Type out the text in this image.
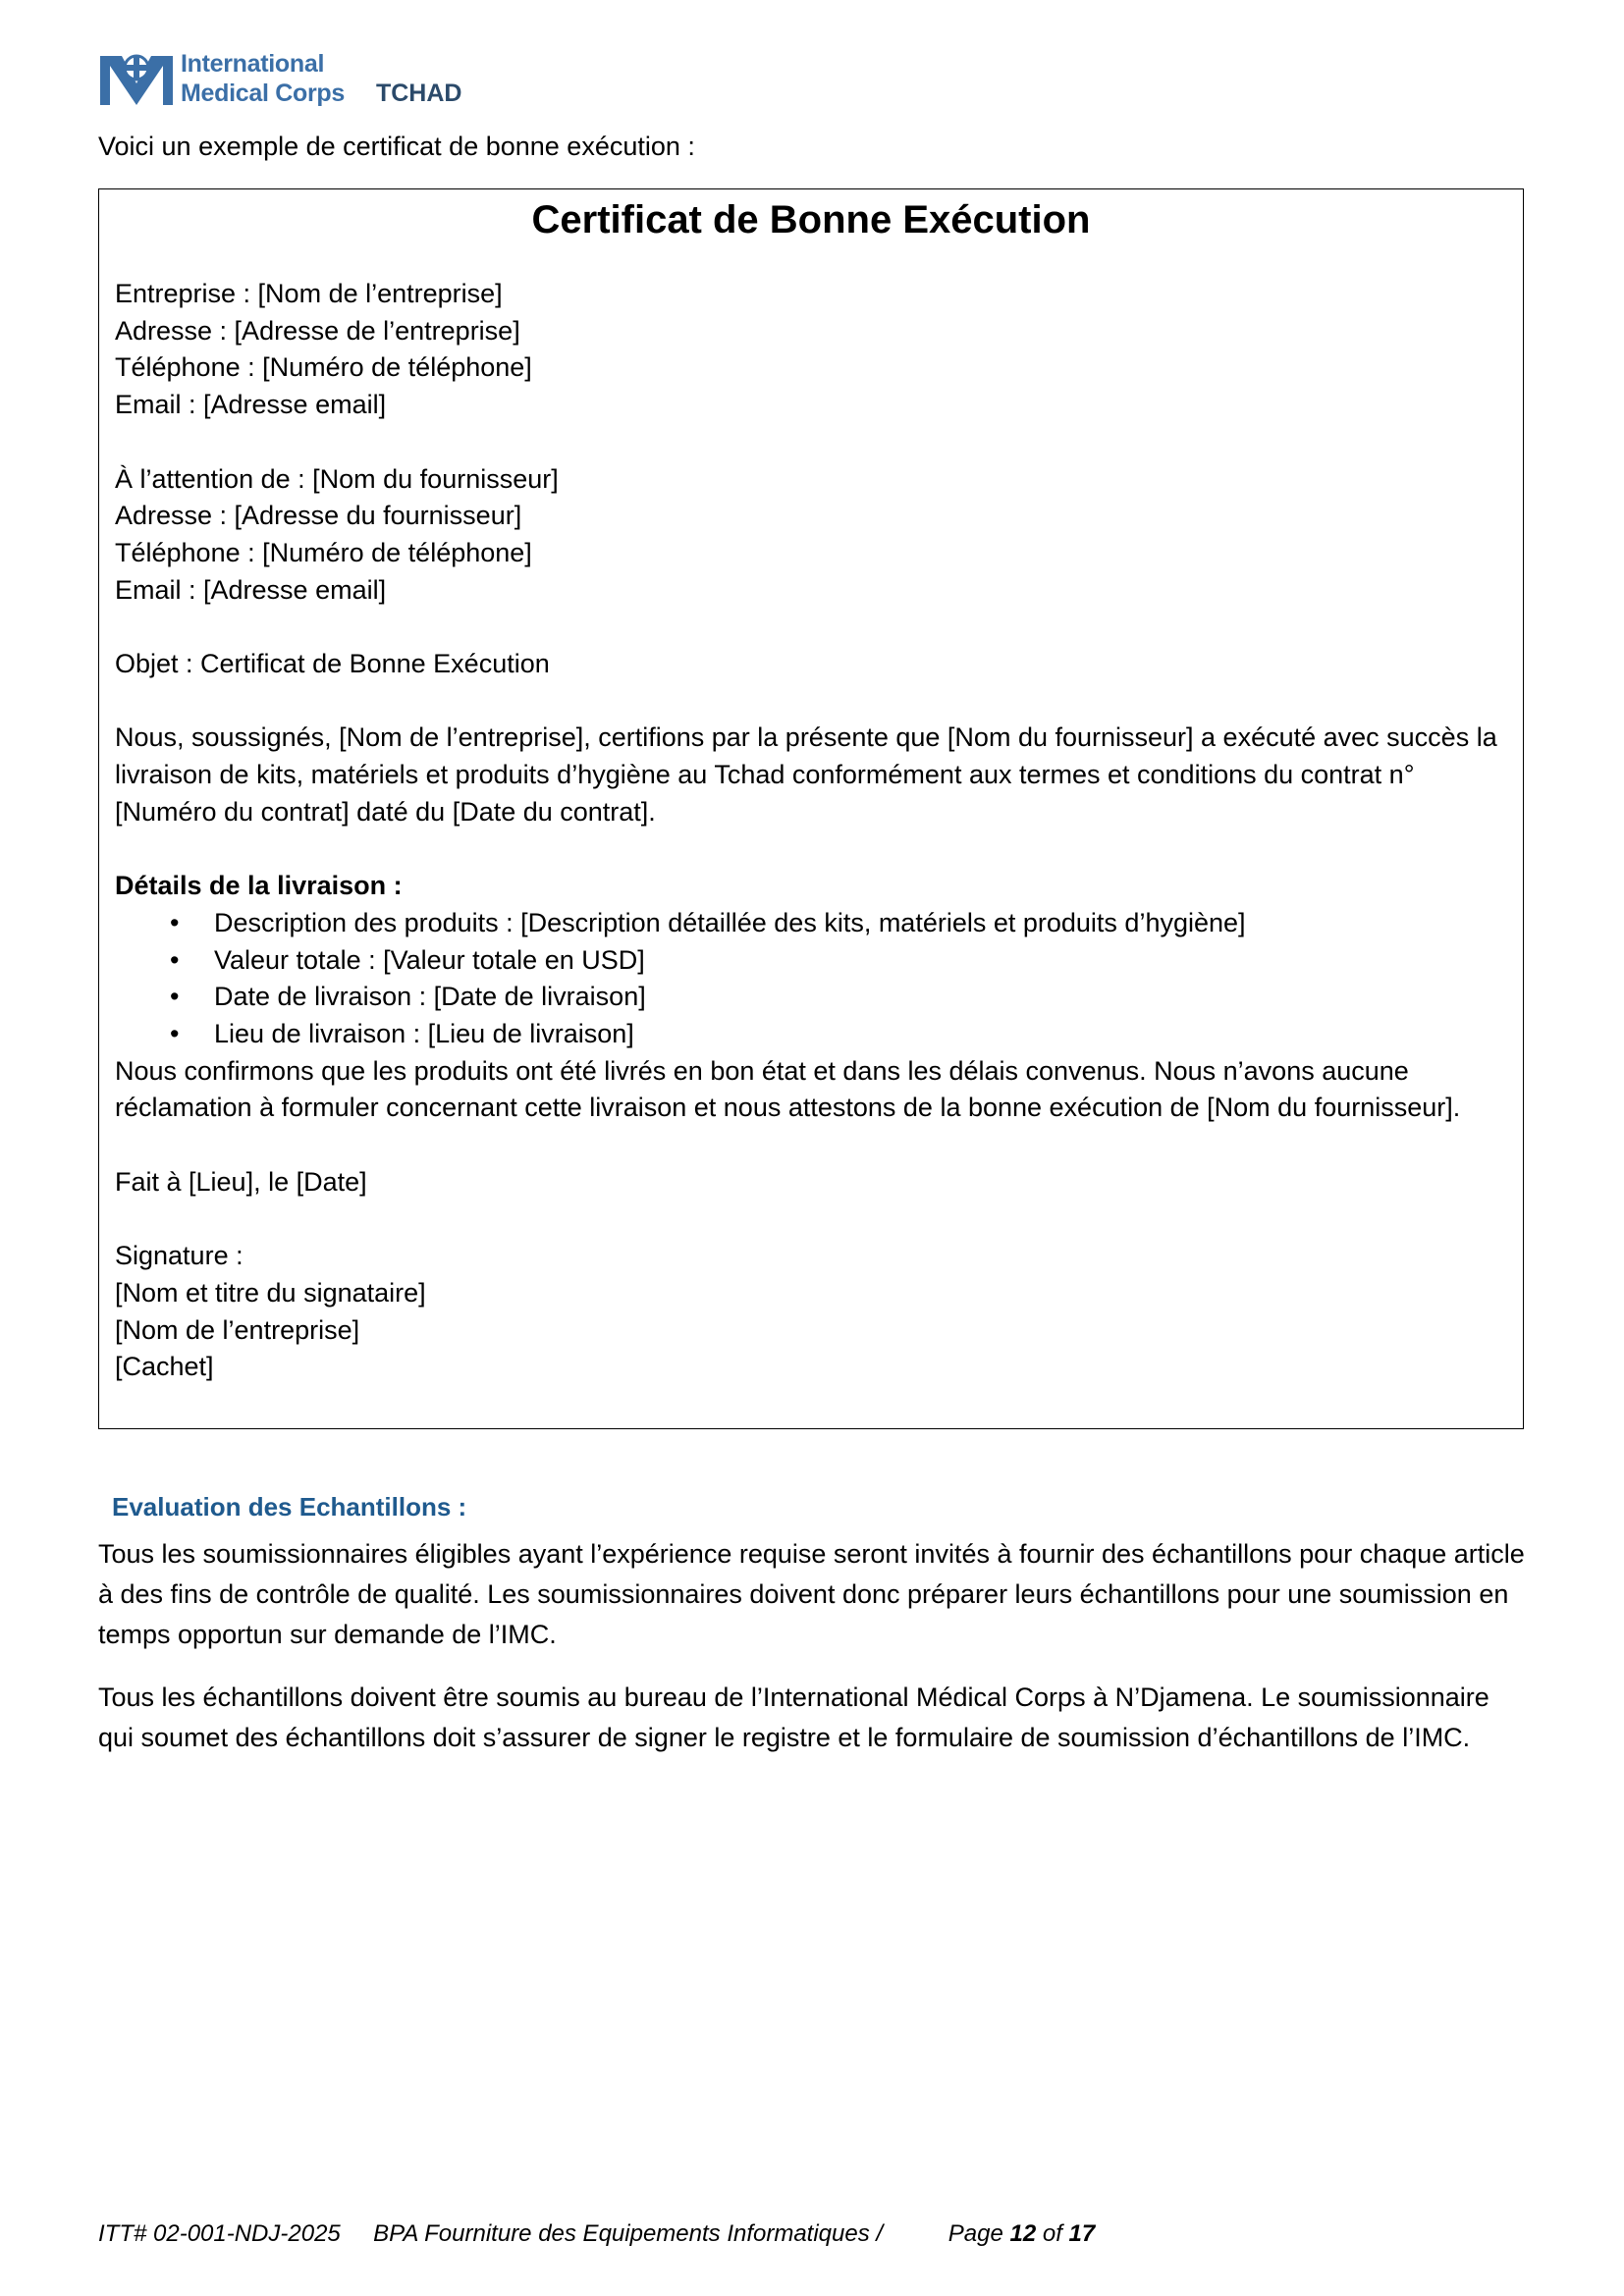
International
Medical Corps TCHAD
Voici un exemple de certificat de bonne exécution :
Certificat de Bonne Exécution
Entreprise : [Nom de l’entreprise]
Adresse : [Adresse de l’entreprise]
Téléphone : [Numéro de téléphone]
Email : [Adresse email]
À l’attention de : [Nom du fournisseur]
Adresse : [Adresse du fournisseur]
Téléphone : [Numéro de téléphone]
Email : [Adresse email]
Objet : Certificat de Bonne Exécution
Nous, soussignés, [Nom de l’entreprise], certifions par la présente que [Nom du fournisseur] a exécuté avec succès la livraison de kits, matériels et produits d’hygiène au Tchad conformément aux termes et conditions du contrat n° [Numéro du contrat] daté du [Date du contrat].
Détails de la livraison :
• Description des produits : [Description détaillée des kits, matériels et produits d’hygiène]
• Valeur totale : [Valeur totale en USD]
• Date de livraison : [Date de livraison]
• Lieu de livraison : [Lieu de livraison]
Nous confirmons que les produits ont été livrés en bon état et dans les délais convenus. Nous n’avons aucune réclamation à formuler concernant cette livraison et nous attestons de la bonne exécution de [Nom du fournisseur].
Fait à [Lieu], le [Date]
Signature :
[Nom et titre du signataire]
[Nom de l’entreprise]
[Cachet]
Evaluation des Echantillons :
Tous les soumissionnaires éligibles ayant l’expérience requise seront invités à fournir des échantillons pour chaque article à des fins de contrôle de qualité. Les soumissionnaires doivent donc préparer leurs échantillons pour une soumission en temps opportun sur demande de l’IMC.
Tous les échantillons doivent être soumis au bureau de l’International Médical Corps à N’Djamena. Le soumissionnaire qui soumet des échantillons doit s’assurer de signer le registre et le formulaire de soumission d’échantillons de l’IMC.
ITT# 02-001-NDJ-2025 BPA Fourniture des Equipements Informatiques /	Page 12 of 17
